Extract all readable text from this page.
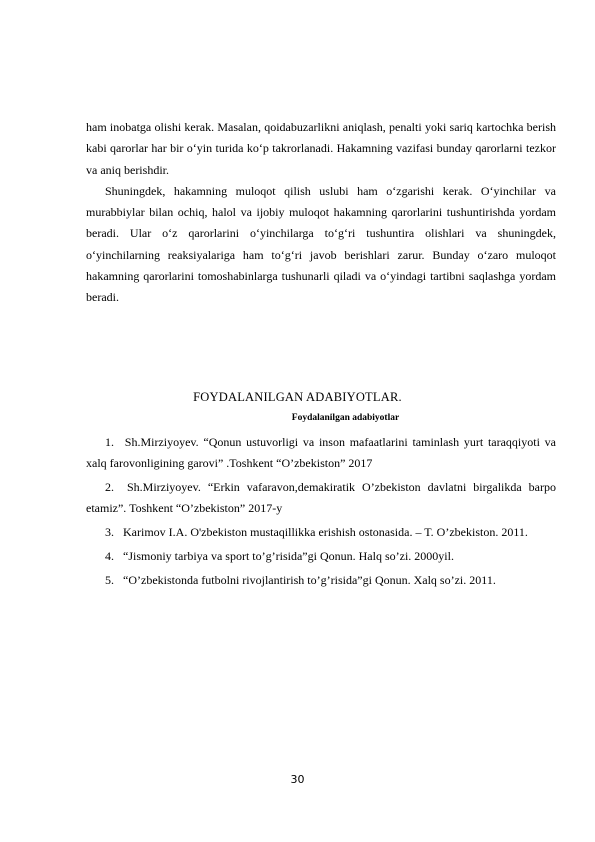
ham inobatga olishi kerak. Masalan, qoidabuzarlikni aniqlash, penalti yoki sariq kartochka berish kabi qarorlar har bir o‘yin turida ko‘p takrorlanadi. Hakamning vazifasi bunday qarorlarni tezkor va aniq berishdir.

Shuningdek, hakamning muloqot qilish uslubi ham o‘zgarishi kerak. O‘yinchilar va murabbiylar bilan ochiq, halol va ijobiy muloqot hakamning qarorlarini tushuntirishda yordam beradi. Ular o‘z qarorlarini o‘yinchilarga to‘g‘ri tushuntira olishlari va shuningdek, o‘yinchilarning reaksiyalariga ham to‘g‘ri javob berishlari zarur. Bunday o‘zaro muloqot hakamning qarorlarini tomoshabinlarga tushunarli qiladi va o‘yindagi tartibni saqlashga yordam beradi.

FOYDALANILGAN ADABIYOTLAR.
Foydalanilgan adabiyotlar

1. Sh.Mirziyoyev. “Qonun ustuvorligi va inson mafaatlarini taminlash yurt taraqqiyoti va xalq farovonligining garovi” .Toshkent “O’zbekiston” 2017

2. Sh.Mirziyoyev. “Erkin vafaravon,demakiratik O’zbekiston davlatni birgalikda barpo etamiz”. Toshkent “O’zbekiston” 2017-y

3. Karimov I.A. O'zbekiston mustaqillikka erishish ostonasida. – T. O’zbekiston. 2011.

4. “Jismoniy tarbiya va sport to’g’risida”gi Qonun. Halq so’zi. 2000yil.

5. “O’zbekistonda futbolni rivojlantirish to’g’risida”gi Qonun. Xalq so’zi. 2011.

30
